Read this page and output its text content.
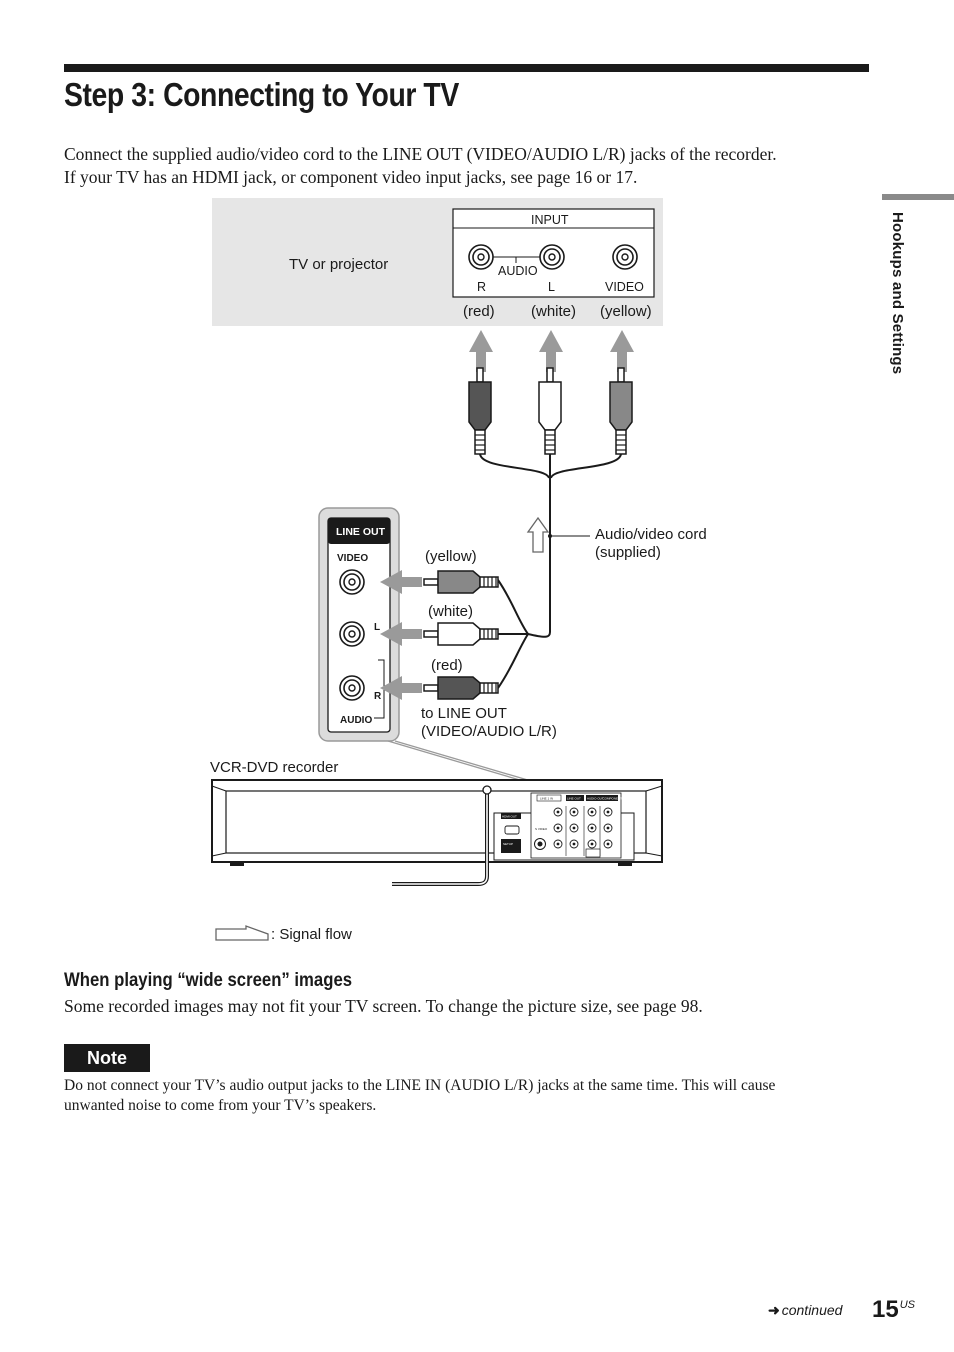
Step 3: Connecting to Your TV
Connect the supplied audio/video cord to the LINE OUT (VIDEO/AUDIO L/R) jacks of the recorder.
If your TV has an HDMI jack, or component video input jacks, see page 16 or 17.
Hookups and Settings
TV or projector
INPUT
AUDIO
R	L	VIDEO
(red) (white) (yellow)
Audio/video cord
(supplied)
LINE OUT
VIDEO
L
R
AUDIO
(yellow)
(white)
(red)
to LINE OUT
(VIDEO/AUDIO L/R)
VCR-DVD recorder
LINE 1 IN	LINE OUT AUDIO OUT
COMPONENT VIDEO OUT
HDMI OUT
SETUP
S VIDEO
: Signal flow
When playing “wide screen” images
Some recorded images may not fit your TV screen. To change the picture size, see page 98.
Note
Do not connect your TV’s audio output jacks to the LINE IN (AUDIO L/R) jacks at the same time. This will cause
unwanted noise to come from your TV’s speakers.
➜ continued $15^{US}$
